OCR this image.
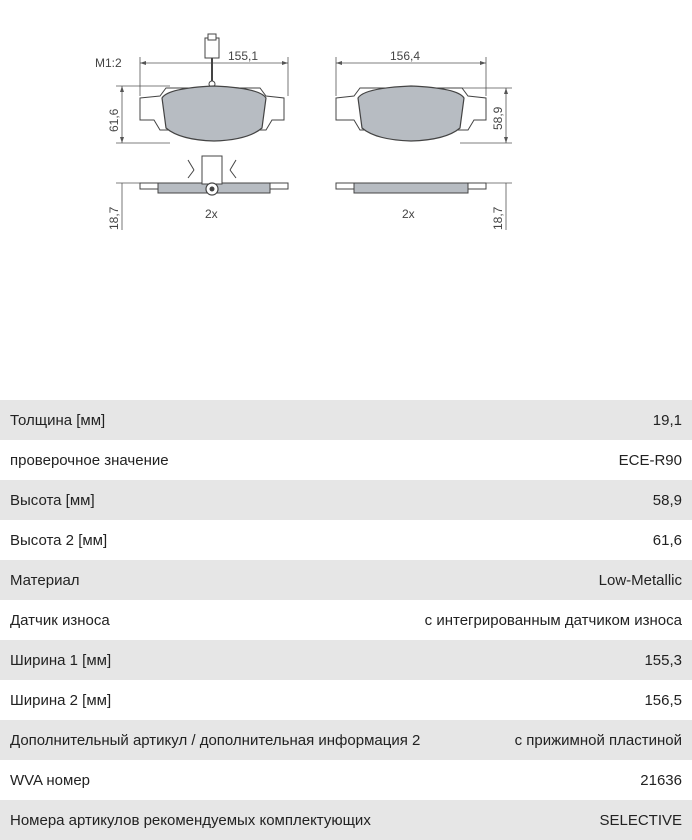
M1:2	155,1
61,6
18,7	2x
156,4
58,9
18,7
2x
Толщина [мм]	19,1
проверочное значение	ECE-R90
Высота [мм]	58,9
Высота 2 [мм]	61,6
Материал	Low-Metallic
Датчик износа	с интегрированным датчиком износа
Ширина 1 [мм]	155,3
Ширина 2 [мм]	156,5
Дополнительный артикул / дополнительная информация 2	с прижимной пластиной
WVA номер	21636
Номера артикулов рекомендуемых комплектующих	SELECTIVE
